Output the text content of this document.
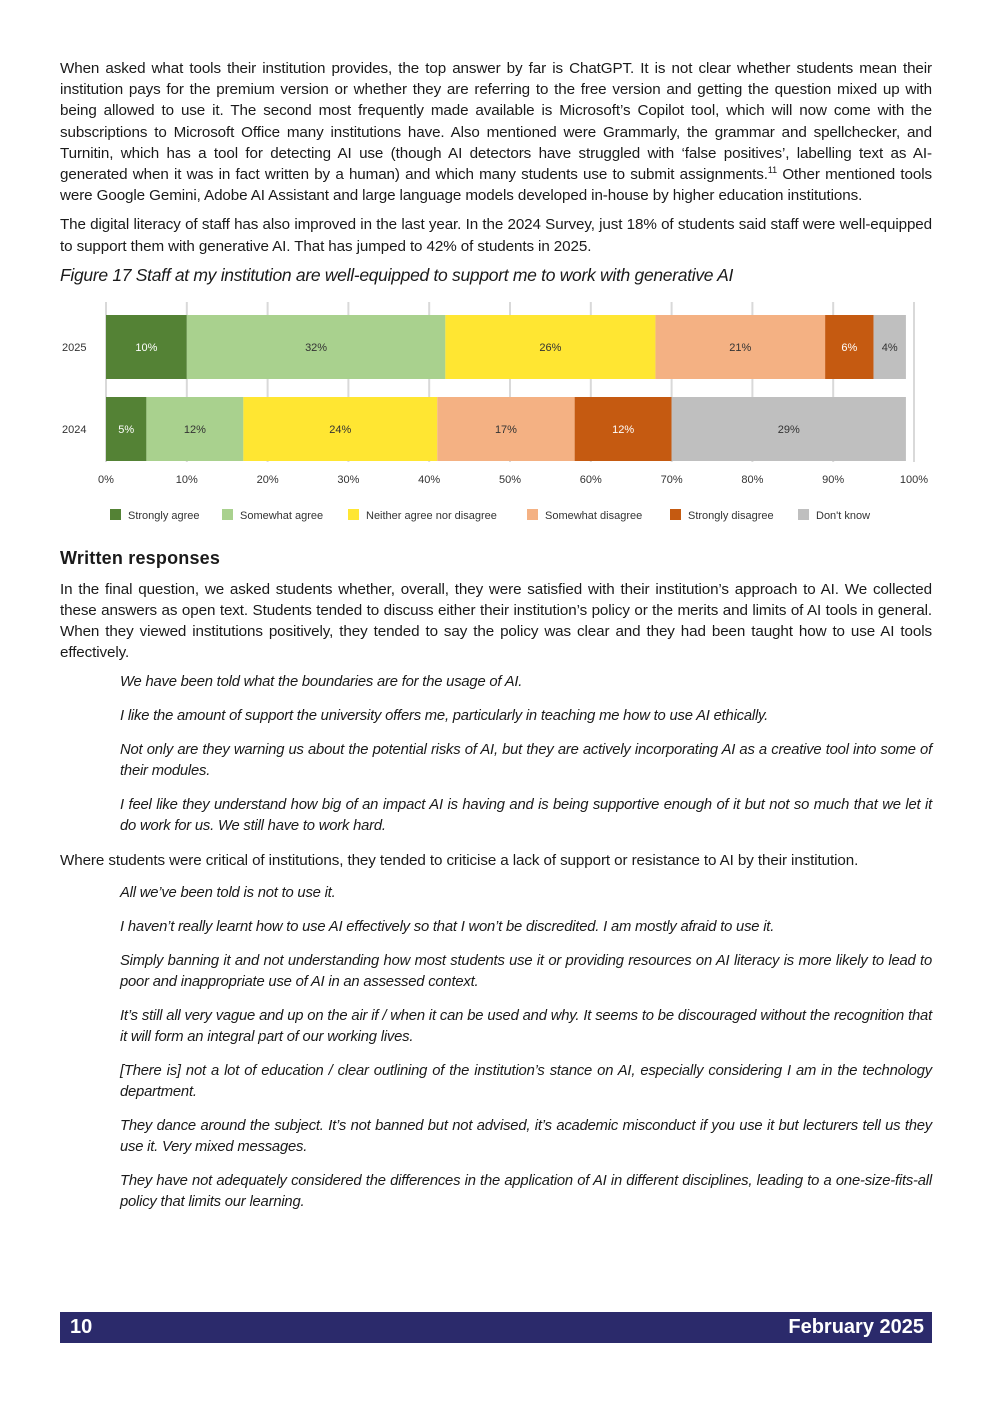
When asked what tools their institution provides, the top answer by far is ChatGPT. It is not clear whether students mean their institution pays for the premium version or whether they are referring to the free version and getting the question mixed up with being allowed to use it. The second most frequently made available is Microsoft’s Copilot tool, which will now come with the subscriptions to Microsoft Office many institutions have. Also mentioned were Grammarly, the grammar and spellchecker, and Turnitin, which has a tool for detecting AI use (though AI detectors have struggled with ‘false positives’, labelling text as AI-generated when it was in fact written by a human) and which many students use to submit assignments.$^{11}$ Other mentioned tools were Google Gemini, Adobe AI Assistant and large language models developed in-house by higher education institutions.

The digital literacy of staff has also improved in the last year. In the 2024 Survey, just 18% of students said staff were well-equipped to support them with generative AI. That has jumped to 42% of students in 2025.

Figure 17 Staff at my institution are well-equipped to support me to work with generative AI
2025	10%	32%	26%	21%	6% 4%
2024	5%	12%	24%	17%	12%	29%
0%	10%	20%	30%	40%	50%	60%	70%	80%	90%	100%
Strongly agree	Somewhat agree	Neither agree nor disagree	Somewhat disagree	Strongly disagree	Don't know
Written responses

In the final question, we asked students whether, overall, they were satisfied with their institution’s approach to AI. We collected these answers as open text. Students tended to discuss either their institution’s policy or the merits and limits of AI tools in general. When they viewed institutions positively, they tended to say the policy was clear and they had been taught how to use AI tools effectively.

We have been told what the boundaries are for the usage of AI.

I like the amount of support the university offers me, particularly in teaching me how to use AI ethically.

Not only are they warning us about the potential risks of AI, but they are actively incorporating AI as a creative tool into some of their modules.

I feel like they understand how big of an impact AI is having and is being supportive enough of it but not so much that we let it do work for us. We still have to work hard.

Where students were critical of institutions, they tended to criticise a lack of support or resistance to AI by their institution.

All we’ve been told is not to use it.

I haven’t really learnt how to use AI effectively so that I won’t be discredited. I am mostly afraid to use it.

Simply banning it and not understanding how most students use it or providing resources on AI literacy is more likely to lead to poor and inappropriate use of AI in an assessed context.

It’s still all very vague and up on the air if / when it can be used and why. It seems to be discouraged without the recognition that it will form an integral part of our working lives.

[There is] not a lot of education / clear outlining of the institution’s stance on AI, especially considering I am in the technology department.

They dance around the subject. It’s not banned but not advised, it’s academic misconduct if you use it but lecturers tell us they use it. Very mixed messages.

They have not adequately considered the differences in the application of AI in different disciplines, leading to a one-size-fits-all policy that limits our learning.

10	February 2025
